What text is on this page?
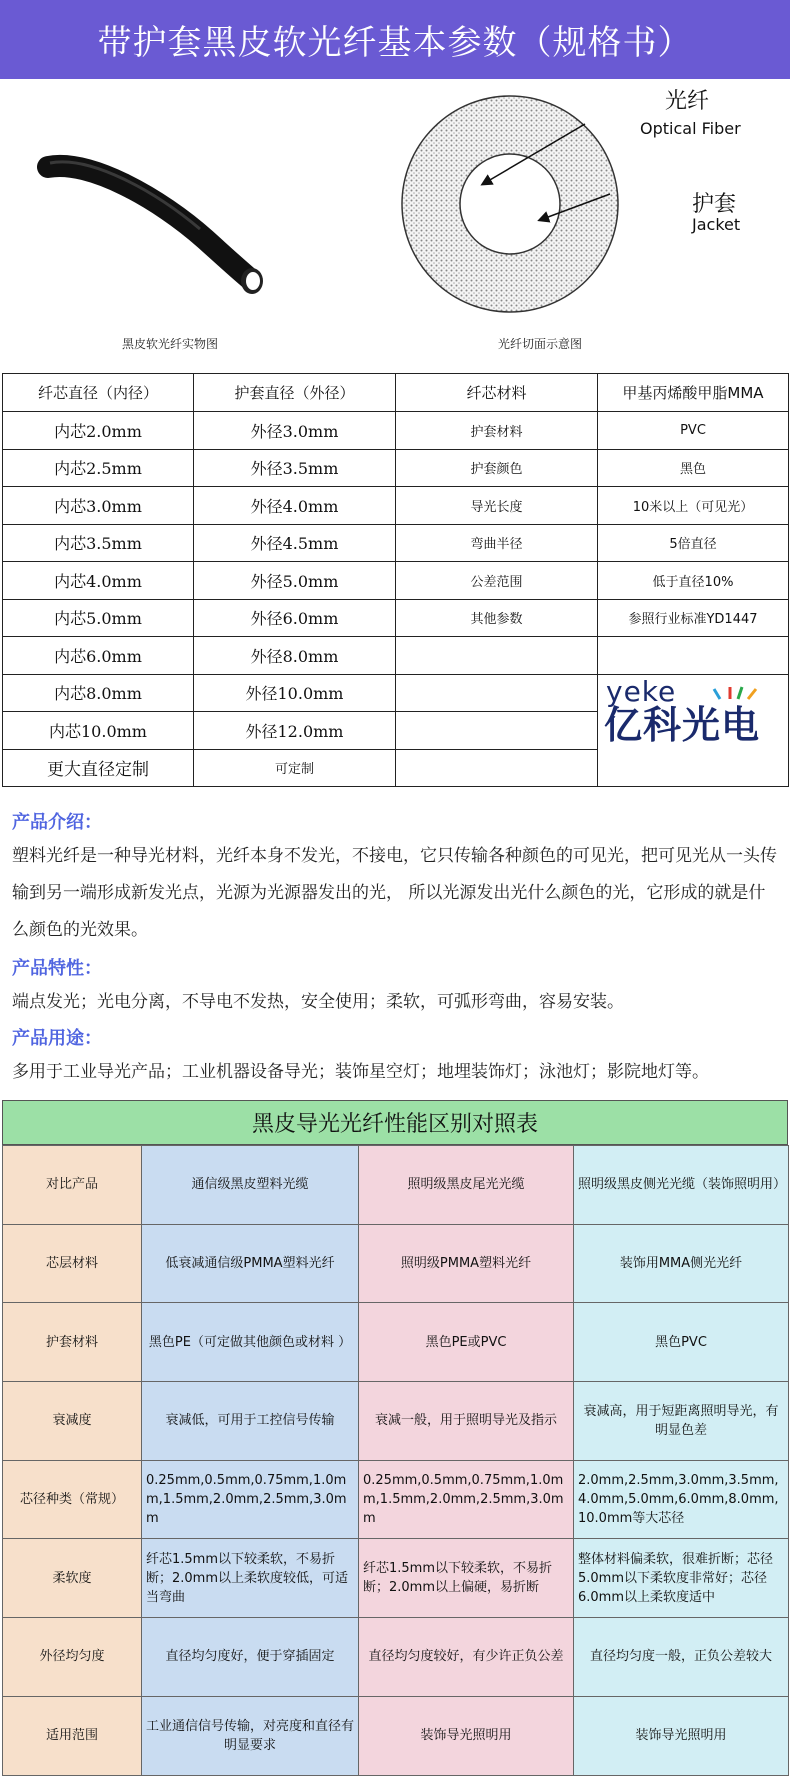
带护套黑皮软光纤基本参数（规格书）
黑皮软光纤实物图
光纤
Optical Fiber
护套
Jacket
光纤切面示意图
纤芯直径（内径）	护套直径（外径）	纤芯材料	甲基丙烯酸甲脂MMA
内芯2.0mm	外径3.0mm	护套材料	PVC
内芯2.5mm	外径3.5mm	护套颜色	黑色
内芯3.0mm	外径4.0mm	导光长度	10米以上（可见光）
内芯3.5mm	外径4.5mm	弯曲半径	5倍直径
内芯4.0mm	外径5.0mm	公差范围	低于直径10%
内芯5.0mm	外径6.0mm	其他参数	参照行业标准YD1447
内芯6.0mm	外径8.0mm		
内芯8.0mm	外径10.0mm		yeke
亿科光电

内芯10.0mm	外径12.0mm		
更大直径定制	可定制		
产品介绍：
塑料光纤是一种导光材料，光纤本身不发光，不接电，它只传输各种颜色的可见光，把可见光从一头传输到另一端形成新发光点，光源为光源器发出的光， 所以光源发出光什么颜色的光，它形成的就是什么颜色的光效果。
产品特性：
端点发光；光电分离，不导电不发热，安全使用；柔软，可弧形弯曲，容易安装。
产品用途：
多用于工业导光产品；工业机器设备导光；装饰星空灯；地埋装饰灯；泳池灯；影院地灯等。
黑皮导光光纤性能区别对照表
对比产品	通信级黑皮塑料光缆	照明级黑皮尾光光缆	照明级黑皮侧光光缆（装饰照明用）
芯层材料	低衰减通信级PMMA塑料光纤	照明级PMMA塑料光纤	装饰用MMA侧光光纤
护套材料	黑色PE（可定做其他颜色或材料 ）	黑色PE或PVC	黑色PVC
衰减度	衰减低，可用于工控信号传输	衰减一般，用于照明导光及指示	衰减高，用于短距离照明导光，有明显色差
芯径种类（常规）	0.25mm,0.5mm,0.75mm,1.0mm,1.5mm,2.0mm,2.5mm,3.0mm	0.25mm,0.5mm,0.75mm,1.0mm,1.5mm,2.0mm,2.5mm,3.0mm	2.0mm,2.5mm,3.0mm,3.5mm,4.0mm,5.0mm,6.0mm,8.0mm,10.0mm等大芯径
柔软度	纤芯1.5mm以下较柔软，不易折断；2.0mm以上柔软度较低，可适当弯曲	纤芯1.5mm以下较柔软，不易折断；2.0mm以上偏硬，易折断	整体材料偏柔软，很难折断；芯径5.0mm以下柔软度非常好；芯径6.0mm以上柔软度适中
外径均匀度	直径均匀度好，便于穿插固定	直径均匀度较好，有少许正负公差	直径均匀度一般，正负公差较大
适用范围	工业通信信号传输，对亮度和直径有明显要求	装饰导光照明用	装饰导光照明用
